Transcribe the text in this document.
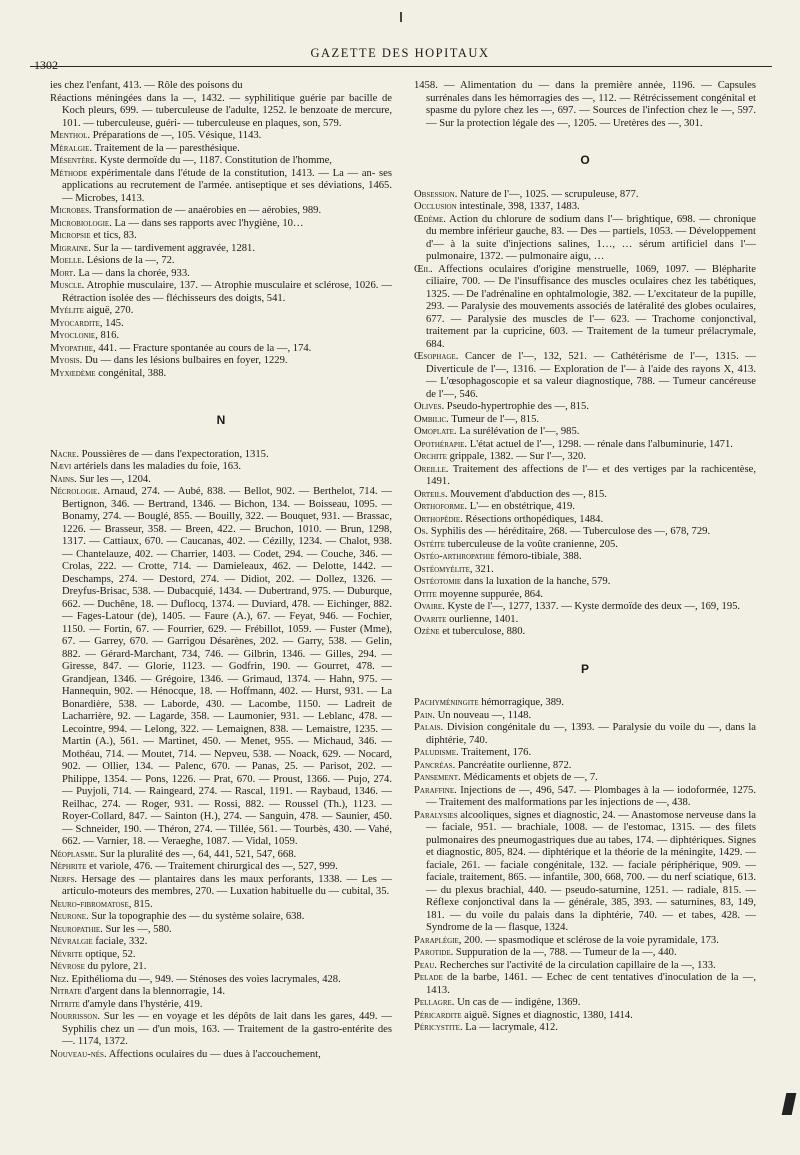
1302
GAZETTE DES HOPITAUX

ies chez l'enfant, 413. — Rôle des poisons du

Réactions méningées dans la —, 1432. — syphilitique guérie par bacille de Koch pleurs, 699. — tuberculeuse de l'adulte, 1252. le benzoate de mercure, 101. — tuberculeuse, guéri- — tuberculeuse en plaques, son, 579.

Menthol. Préparations de —, 105. Vésique, 1143.

Méralgie. Traitement de la — paresthésique.

Mésentère. Kyste dermoïde du —, 1187. Constitution de l'homme,

Méthode expérimentale dans l'étude de la constitution, 1413. — La — an- ses applications au recrutement de l'armée. antiseptique et ses déviations, 1465. — Microbes, 1413.

Microbes. Transformation de — anaérobies en — aérobies, 989.

Microbiologie. La — dans ses rapports avec l'hygiène, 10…

Micropsie et tics, 83.

Migraine. Sur la — tardivement aggravée, 1281.

Moelle. Lésions de la —, 72.

Mort. La — dans la chorée, 933.

Muscle. Atrophie musculaire, 137. — Atrophie musculaire et sclérose, 1026. — Rétraction isolée des — fléchisseurs des doigts, 541.

Myélite aiguë, 270.

Myocardite, 145.

Myoclonie, 816.

Myopathie, 441. — Fracture spontanée au cours de la —, 174.

Myosis. Du — dans les lésions bulbaires en foyer, 1229.

Myxœdème congénital, 388.

N

Nacre. Poussières de — dans l'expectoration, 1315.

Nævi artériels dans les maladies du foie, 163.

Nains. Sur les —, 1204.

Nécrologie. Arnaud, 274. — Aubé, 838. — Bellot, 902. — Berthelot, 714. — Bertignon, 346. — Bertrand, 1346. — Bichon, 134. — Boisseau, 1095. — Bonamy, 274. — Bouglé, 855. — Bouilly, 322. — Bouquet, 931. — Brassac, 1226. — Brasseur, 358. — Breen, 422. — Bruchon, 1010. — Brun, 1298, 1317. — Cattiaux, 670. — Caucanas, 402. — Cézilly, 1234. — Chalot, 938. — Chantelauze, 402. — Charrier, 1403. — Codet, 294. — Couche, 346. — Crolas, 222. — Crotte, 714. — Damieleaux, 462. — Delotte, 1442. — Deschamps, 274. — Destord, 274. — Didiot, 202. — Dollez, 1326. — Dreyfus-Brisac, 538. — Dubacquié, 1434. — Dubertrand, 975. — Duburque, 662. — Duchêne, 18. — Duflocq, 1374. — Duviard, 478. — Eichinger, 882. — Fages-Latour (de), 1405. — Faure (A.), 67. — Feyat, 946. — Fochier, 1150. — Fortin, 67. — Fourrier, 629. — Frébillot, 1059. — Fuster (Mme), 67. — Garrey, 670. — Garrigou Désarènes, 202. — Garry, 538. — Gelin, 882. — Gérard-Marchant, 734, 746. — Gilbrin, 1346. — Gilles, 294. — Giresse, 847. — Glorie, 1123. — Godfrin, 190. — Gourret, 478. — Grandjean, 1346. — Grégoire, 1346. — Grimaud, 1374. — Hahn, 975. — Hannequin, 902. — Hénocque, 18. — Hoffmann, 402. — Hurst, 931. — La Bonardière, 538. — Laborde, 430. — Lacombe, 1150. — Ladreit de Lacharrière, 92. — Lagarde, 358. — Laumonier, 931. — Leblanc, 478. — Lecointre, 994. — Lelong, 322. — Lemaignen, 838. — Lemaistre, 1235. — Martin (A.), 561. — Martinet, 450. — Menet, 955. — Michaud, 346. — Mothéau, 714. — Moutet, 714. — Nepveu, 538. — Noack, 629. — Nocard, 902. — Ollier, 134. — Palenc, 670. — Panas, 25. — Parisot, 202. — Philippe, 1354. — Pons, 1226. — Prat, 670. — Proust, 1366. — Pujo, 274. — Puyjoli, 714. — Raingeard, 274. — Rascal, 1191. — Raybaud, 1346. — Reilhac, 274. — Roger, 931. — Rossi, 882. — Roussel (Th.), 1123. — Royer-Collard, 847. — Sainton (H.), 274. — Sanguin, 478. — Saunier, 450. — Schneider, 190. — Théron, 274. — Tillée, 561. — Tourbès, 430. — Vahé, 662. — Varnier, 18. — Veraeghe, 1087. — Vidal, 1059.

Néoplasme. Sur la pluralité des —, 64, 441, 521, 547, 668.

Néphrite et variole, 476. — Traitement chirurgical des —, 527, 999.

Nerfs. Hersage des — plantaires dans les maux perforants, 1338. — Les — articulo-moteurs des membres, 270. — Luxation habituelle du — cubital, 35.

Neuro-fibromatose, 815.

Neurone. Sur la topographie des — du système solaire, 638.

Neuropathie. Sur les —, 580.

Névralgie faciale, 332.

Névrite optique, 52.

Névrose du pylore, 21.

Nez. Epithélioma du —, 949. — Sténoses des voies lacrymales, 428.

Nitrate d'argent dans la blennorragie, 14.

Nitrite d'amyle dans l'hystérie, 419.

Nourrisson. Sur les — en voyage et les dépôts de lait dans les gares, 449. — Syphilis chez un — d'un mois, 163. — Traitement de la gastro-entérite des —. 1174, 1372.

Nouveau-nés. Affections oculaires du — dues à l'accouchement,

1458. — Alimentation du — dans la première année, 1196. — Capsules surrénales dans les hémorragies des —, 112. — Rétrécissement congénital et spasme du pylore chez les —, 697. — Sources de l'infection chez le —, 597. — Sur la protection légale des —, 1205. — Uretères des —, 301.

O

Obsession. Nature de l'—, 1025. — scrupuleuse, 877.

Occlusion intestinale, 398, 1337, 1483.

Œdème. Action du chlorure de sodium dans l'— brightique, 698. — chronique du membre inférieur gauche, 83. — Des — partiels, 1053. — Développement d'— à la suite d'injections salines, 1…, … sérum artificiel dans l'— pulmonaire, 1372. — pulmonaire aigu, …

Œil. Affections oculaires d'origine menstruelle, 1069, 1097. — Blépharite ciliaire, 700. — De l'insuffisance des muscles oculaires chez les tabétiques, 1325. — De l'adrénaline en ophtalmologie, 382. — L'excitateur de la pupille, 293. — Paralysie des mouvements associés de latéralité des globes oculaires, 677. — Paralysie des muscles de l'— 623. — Trachome conjonctival, traitement par la cupricine, 603. — Traitement de la tumeur prélacrymale, 684.

Œsophage. Cancer de l'—, 132, 521. — Cathétérisme de l'—, 1315. — Diverticule de l'—, 1316. — Exploration de l'— à l'aide des rayons X, 413. — L'œsophagoscopie et sa valeur diagnostique, 788. — Tumeur cancéreuse de l'—, 546.

Olives. Pseudo-hypertrophie des —, 815.

Ombilic. Tumeur de l'—, 815.

Omoplate. La surélévation de l'—, 985.

Opothérapie. L'état actuel de l'—, 1298. — rénale dans l'albuminurie, 1471.

Orchite grippale, 1382. — Sur l'—, 320.

Oreille. Traitement des affections de l'— et des vertiges par la rachicentèse, 1491.

Orteils. Mouvement d'abduction des —, 815.

Orthoforme. L'— en obstétrique, 419.

Orthopédie. Résections orthopédiques, 1484.

Os. Syphilis des — héréditaire, 268. — Tuberculose des —, 678, 729.

Ostéite tuberculeuse de la voûte cranienne, 205.

Ostéo-arthropathie fémoro-tibiale, 388.

Ostéomyélite, 321.

Ostéotomie dans la luxation de la hanche, 579.

Otite moyenne suppurée, 864.

Ovaire. Kyste de l'—, 1277, 1337. — Kyste dermoïde des deux —, 169, 195.

Ovarite ourlienne, 1401.

Ozène et tuberculose, 880.

P

Pachyméningite hémorragique, 389.

Pain. Un nouveau —, 1148.

Palais. Division congénitale du —, 1393. — Paralysie du voile du —, dans la diphtérie, 740.

Paludisme. Traitement, 176.

Pancréas. Pancréatite ourlienne, 872.

Pansement. Médicaments et objets de —, 7.

Paraffine. Injections de —, 496, 547. — Plombages à la — iodoformée, 1275. — Traitement des malformations par les injections de —, 438.

Paralysies alcooliques, signes et diagnostic, 24. — Anastomose nerveuse dans la — faciale, 951. — brachiale, 1008. — de l'estomac, 1315. — des filets pulmonaires des pneumogastriques due au tabes, 174. — diphtériques. Signes et diagnostic, 805, 824. — diphtérique et la théorie de la méningite, 1429. — faciale, 261. — faciale congénitale, 132. — faciale périphérique, 909. — faciale, traitement, 865. — infantile, 300, 668, 700. — du nerf sciatique, 613. — du plexus brachial, 440. — pseudo-saturnine, 1251. — radiale, 815. — Réflexe conjonctival dans la — générale, 385, 393. — saturnines, 83, 149, 181. — du voile du palais dans la diphtérie, 740. — et tabes, 428. — Syndrome de la — flasque, 1324.

Paraplégie, 200. — spasmodique et sclérose de la voie pyramidale, 173.

Parotide. Suppuration de la —, 788. — Tumeur de la —, 440.

Peau. Recherches sur l'activité de la circulation capillaire de la —, 133.

Pelade de la barbe, 1461. — Echec de cent tentatives d'inoculation de la —, 1413.

Pellagre. Un cas de — indigène, 1369.

Péricardite aiguë. Signes et diagnostic, 1380, 1414.

Péricystite. La — lacrymale, 412.
